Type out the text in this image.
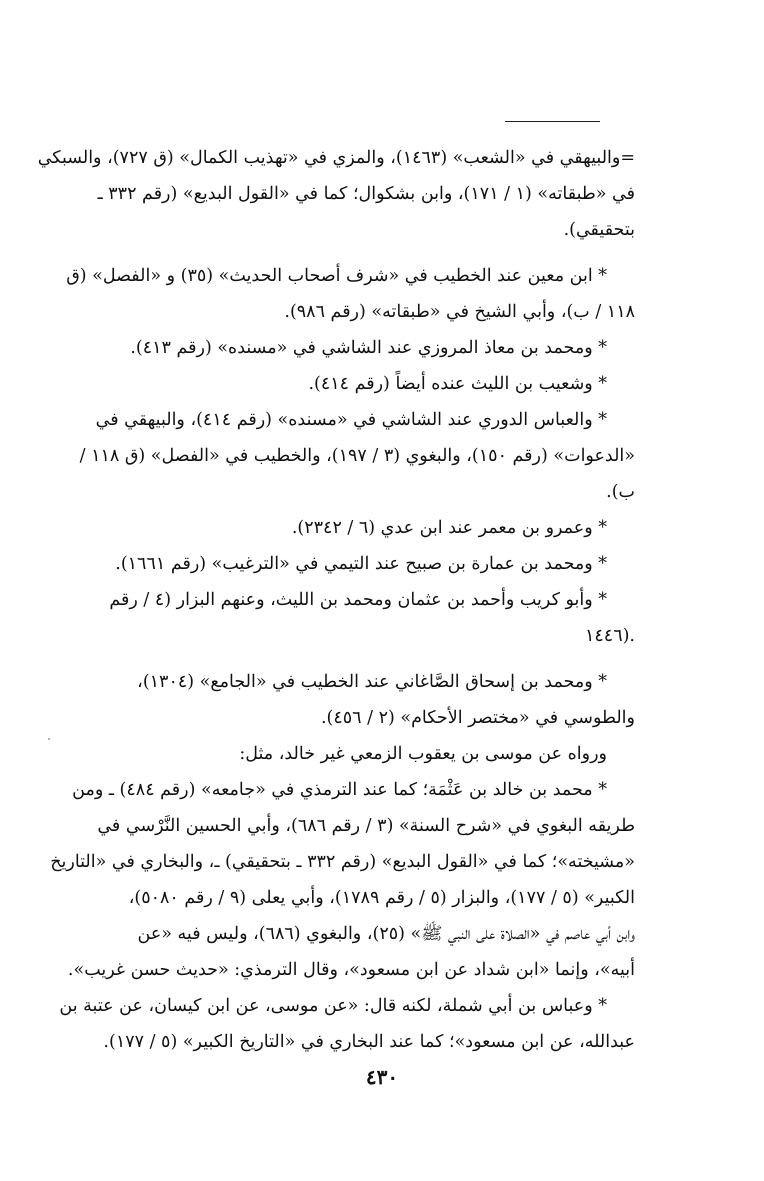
=والبيهقي في «الشعب» (١٤٦٣)، والمزي في «تهذيب الكمال» (ق ٧٢٧)، والسبكي
في «طبقاته» (١ / ١٧١)، وابن بشكوال؛ كما في «القول البديع» (رقم ٣٣٢ ـ
بتحقيقي).
* ابن معين عند الخطيب في «شرف أصحاب الحديث» (٣٥) و «الفصل» (ق
١١٨ / ب)، وأبي الشيخ في «طبقاته» (رقم ٩٨٦).
* ومحمد بن معاذ المروزي عند الشاشي في «مسنده» (رقم ٤١٣).
* وشعيب بن الليث عنده أيضاً (رقم ٤١٤).
* والعباس الدوري عند الشاشي في «مسنده» (رقم ٤١٤)، والبيهقي في
«الدعوات» (رقم ١٥٠)، والبغوي (٣ / ١٩٧)، والخطيب في «الفصل» (ق ١١٨ /
ب).
* وعمرو بن معمر عند ابن عدي (٦ / ٢٣٤٢).
* ومحمد بن عمارة بن صبيح عند التيمي في «الترغيب» (رقم ١٦٦١).
* وأبو كريب وأحمد بن عثمان ومحمد بن الليث، وعنهم البزار (٤ / رقم
١٤٤٦).
* ومحمد بن إسحاق الصَّاغاني عند الخطيب في «الجامع» (١٣٠٤)،
والطوسي في «مختصر الأحكام» (٢ / ٤٥٦).
ورواه عن موسى بن يعقوب الزمعي غير خالد، مثل:
* محمد بن خالد بن عَثْمَة؛ كما عند الترمذي في «جامعه» (رقم ٤٨٤) ـ ومن
طريقه البغوي في «شرح السنة» (٣ / رقم ٦٨٦)، وأبي الحسين النَّرْسي في
«مشيخته»؛ كما في «القول البديع» (رقم ٣٣٢ ـ بتحقيقي) ـ، والبخاري في «التاريخ
الكبير» (٥ / ١٧٧)، والبزار (٥ / رقم ١٧٨٩)، وأبي يعلى (٩ / رقم ٥٠٨٠)،
وابن أبي عاصم في «الصلاة على النبي ﷺ» (٢٥)، والبغوي (٦٨٦)، وليس فيه «عن
أبيه»، وإنما «ابن شداد عن ابن مسعود»، وقال الترمذي: «حديث حسن غريب».
* وعباس بن أبي شملة، لكنه قال: «عن موسى، عن ابن كيسان، عن عتبة بن
عبدالله، عن ابن مسعود»؛ كما عند البخاري في «التاريخ الكبير» (٥ / ١٧٧).
٤٣٠
